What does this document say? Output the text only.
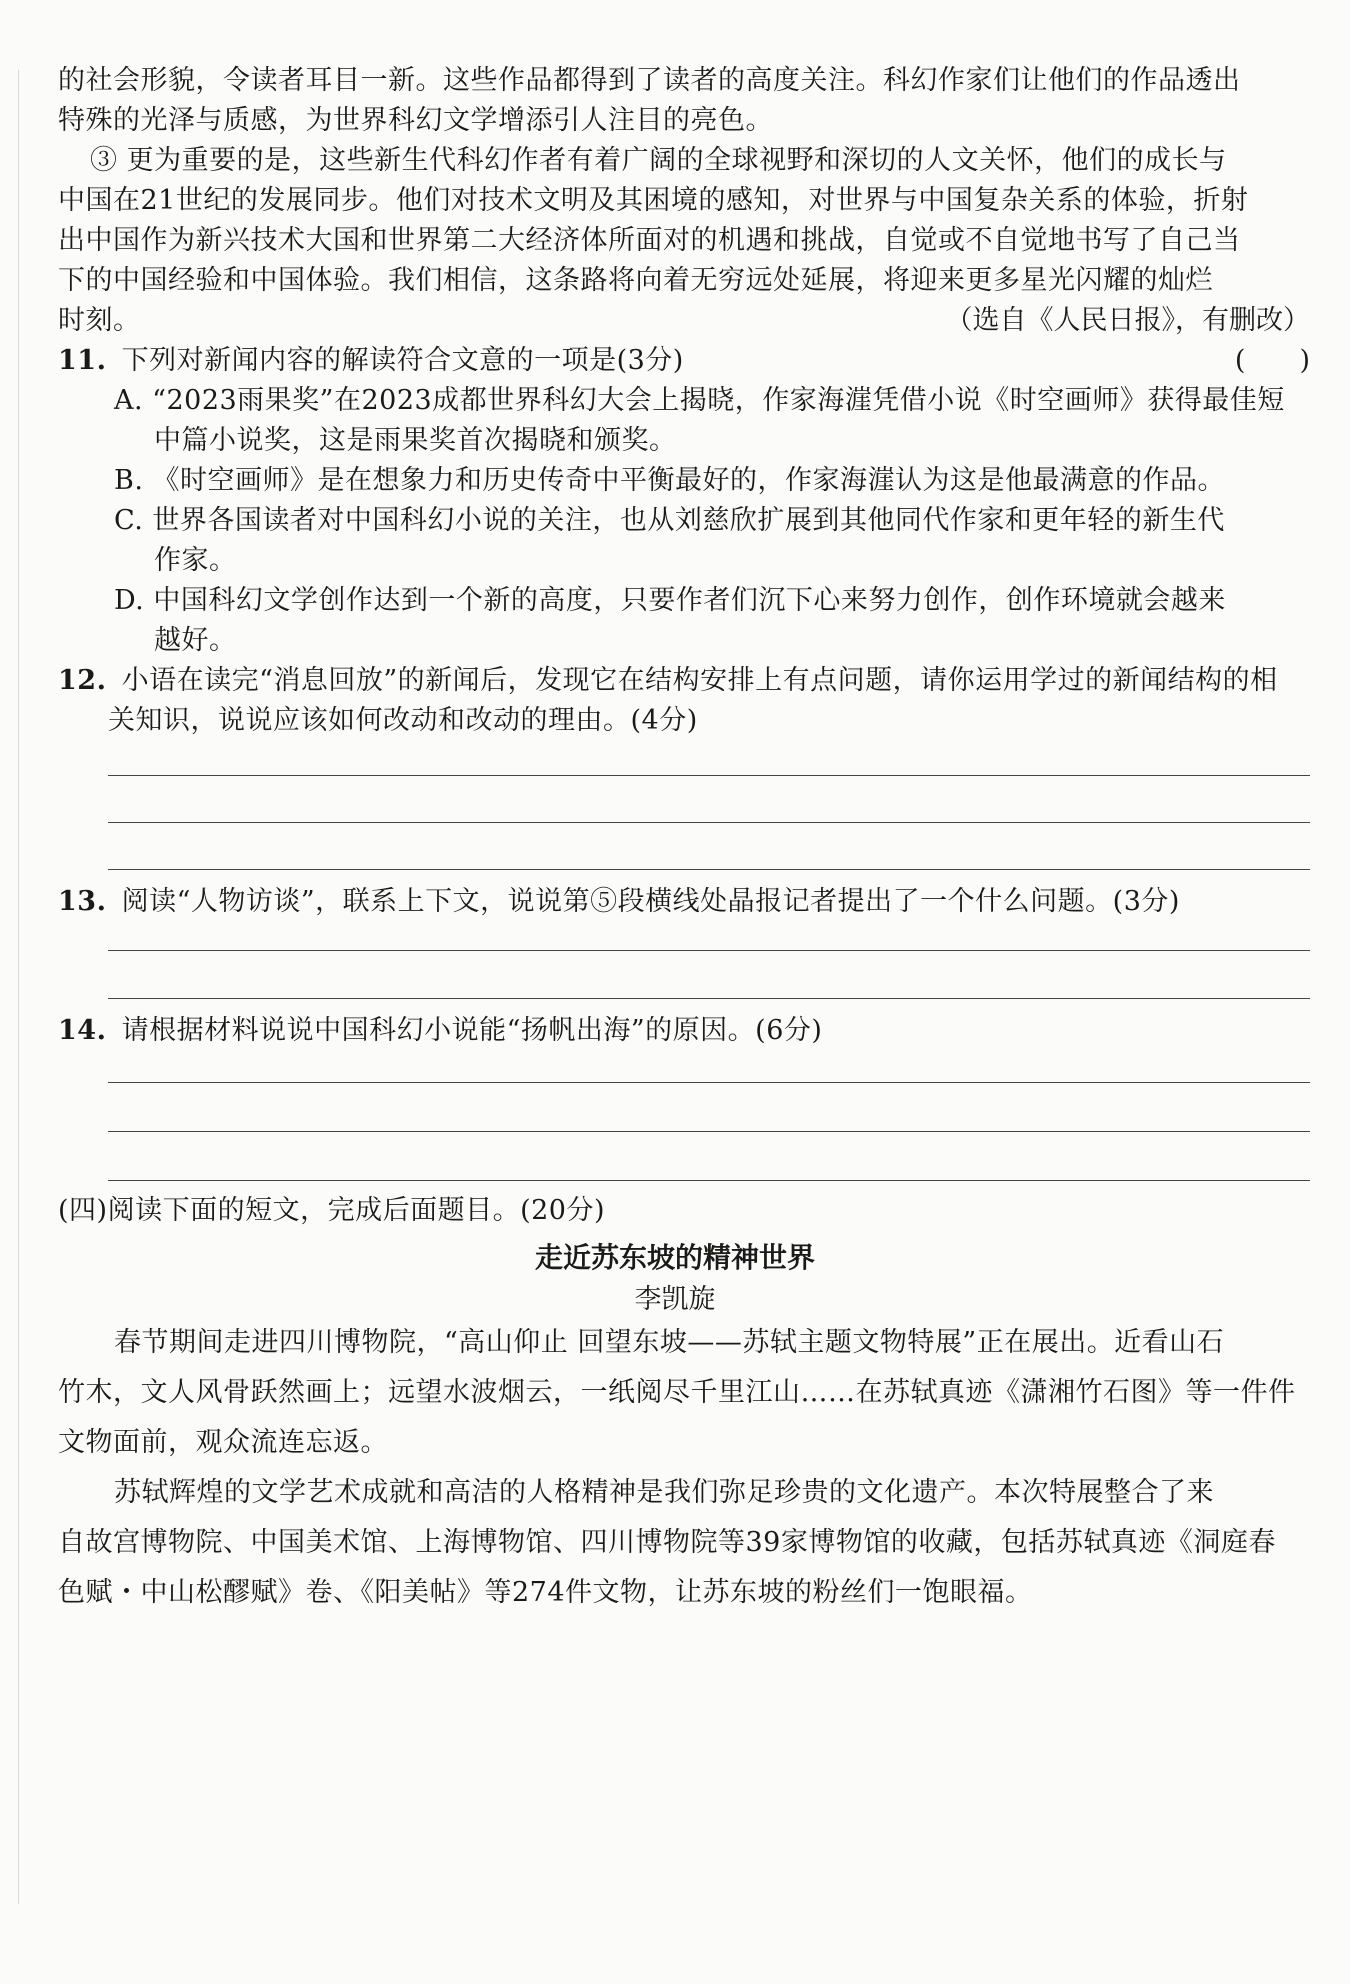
的社会形貌，令读者耳目一新。这些作品都得到了读者的高度关注。科幻作家们让他们的作品透出
特殊的光泽与质感，为世界科幻文学增添引人注目的亮色。
③ 更为重要的是，这些新生代科幻作者有着广阔的全球视野和深切的人文关怀，他们的成长与
中国在21世纪的发展同步。他们对技术文明及其困境的感知，对世界与中国复杂关系的体验，折射
出中国作为新兴技术大国和世界第二大经济体所面对的机遇和挑战，自觉或不自觉地书写了自己当
下的中国经验和中国体验。我们相信，这条路将向着无穷远处延展，将迎来更多星光闪耀的灿烂
时刻。	（选自《人民日报》，有删改）
11. 下列对新闻内容的解读符合文意的一项是(3分)	(　　)
A. “2023雨果奖”在2023成都世界科幻大会上揭晓，作家海漄凭借小说《时空画师》获得最佳短
中篇小说奖，这是雨果奖首次揭晓和颁奖。
B. 《时空画师》是在想象力和历史传奇中平衡最好的，作家海漄认为这是他最满意的作品。
C. 世界各国读者对中国科幻小说的关注，也从刘慈欣扩展到其他同代作家和更年轻的新生代
作家。
D. 中国科幻文学创作达到一个新的高度，只要作者们沉下心来努力创作，创作环境就会越来
越好。
12. 小语在读完“消息回放”的新闻后，发现它在结构安排上有点问题，请你运用学过的新闻结构的相
关知识，说说应该如何改动和改动的理由。(4分)
13. 阅读“人物访谈”，联系上下文，说说第⑤段横线处晶报记者提出了一个什么问题。(3分)
14. 请根据材料说说中国科幻小说能“扬帆出海”的原因。(6分)
(四)阅读下面的短文，完成后面题目。(20分)
走近苏东坡的精神世界
李凯旋
春节期间走进四川博物院，“高山仰止 回望东坡——苏轼主题文物特展”正在展出。近看山石
竹木，文人风骨跃然画上；远望水波烟云，一纸阅尽千里江山……在苏轼真迹《潇湘竹石图》等一件件
文物面前，观众流连忘返。
苏轼辉煌的文学艺术成就和高洁的人格精神是我们弥足珍贵的文化遗产。本次特展整合了来
自故宫博物院、中国美术馆、上海博物馆、四川博物院等39家博物馆的收藏，包括苏轼真迹《洞庭春
色赋・中山松醪赋》卷、《阳美帖》等274件文物，让苏东坡的粉丝们一饱眼福。
